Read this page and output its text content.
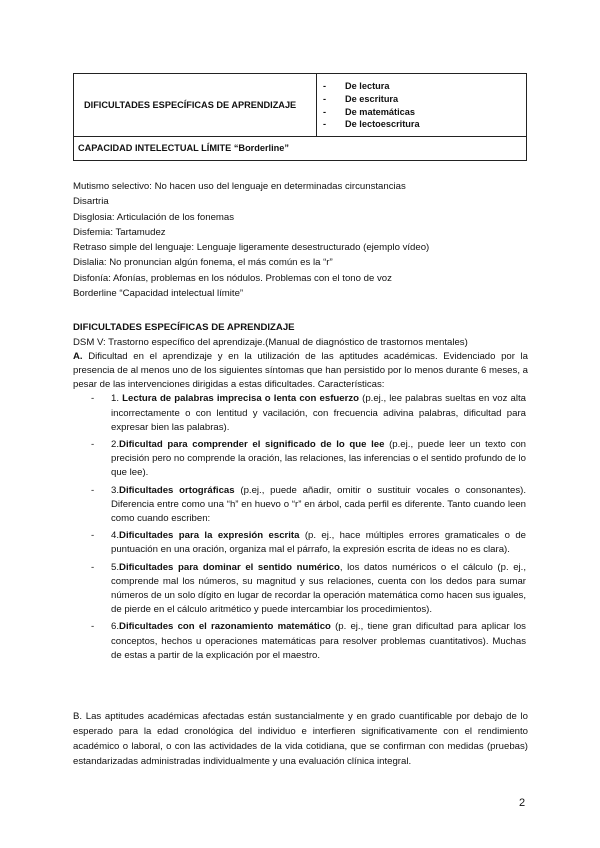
DIFICULTADES ESPECÍFICAS DE APRENDIZAJE	
-	De lectura
-	De escritura
-	De matemáticas
-	De lectoescritura

CAPACIDAD INTELECTUAL LÍMITE “Borderline”

Mutismo selectivo: No hacen uso del lenguaje en determinadas circunstancias

Disartria

Disglosia: Articulación de los fonemas

Disfemia: Tartamudez

Retraso simple del lenguaje: Lenguaje ligeramente desestructurado (ejemplo vídeo)

Dislalia: No pronuncian algún fonema, el más común es la “r”

Disfonía: Afonías, problemas en los nódulos. Problemas con el tono de voz

Borderline “Capacidad intelectual límite”

DIFICULTADES ESPECÍFICAS DE APRENDIZAJE

DSM V: Trastorno específico del aprendizaje.(Manual de diagnóstico de trastornos mentales)

A. Dificultad en el aprendizaje y en la utilización de las aptitudes académicas. Evidenciado por la presencia de al menos uno de los siguientes síntomas que han persistido por lo menos durante 6 meses, a pesar de las intervenciones dirigidas a estas dificultades. Características:

-	1. Lectura de palabras imprecisa o lenta con esfuerzo (p.ej., lee palabras sueltas en voz alta incorrectamente o con lentitud y vacilación, con frecuencia adivina palabras, dificultad para expresar bien las palabras).
-	2.Dificultad para comprender el significado de lo que lee (p.ej., puede leer un texto con precisión pero no comprende la oración, las relaciones, las inferencias o el sentido profundo de lo que lee).
-	3.Dificultades ortográficas (p.ej., puede añadir, omitir o sustituir vocales o consonantes). Diferencia entre como una “h” en huevo o “r” en árbol, cada perfil es diferente. Tanto cuando leen como cuando escriben:
-	4.Dificultades para la expresión escrita (p. ej., hace múltiples errores gramaticales o de puntuación en una oración, organiza mal el párrafo, la expresión escrita de ideas no es clara).
-	5.Dificultades para dominar el sentido numérico, los datos numéricos o el cálculo (p. ej., comprende mal los números, su magnitud y sus relaciones, cuenta con los dedos para sumar números de un solo dígito en lugar de recordar la operación matemática como hacen sus iguales, de pierde en el cálculo aritmético y puede intercambiar los procedimientos).
-	6.Dificultades con el razonamiento matemático (p. ej., tiene gran dificultad para aplicar los conceptos, hechos u operaciones matemáticas para resolver problemas cuantitativos). Muchas de estas a partir de la explicación por el maestro.

B. Las aptitudes académicas afectadas están sustancialmente y en grado cuantificable por debajo de lo esperado para la edad cronológica del individuo e interfieren significativamente con el rendimiento académico o laboral, o con las actividades de la vida cotidiana, que se confirman con medidas (pruebas) estandarizadas administradas individualmente y una evaluación clínica integral.

2
